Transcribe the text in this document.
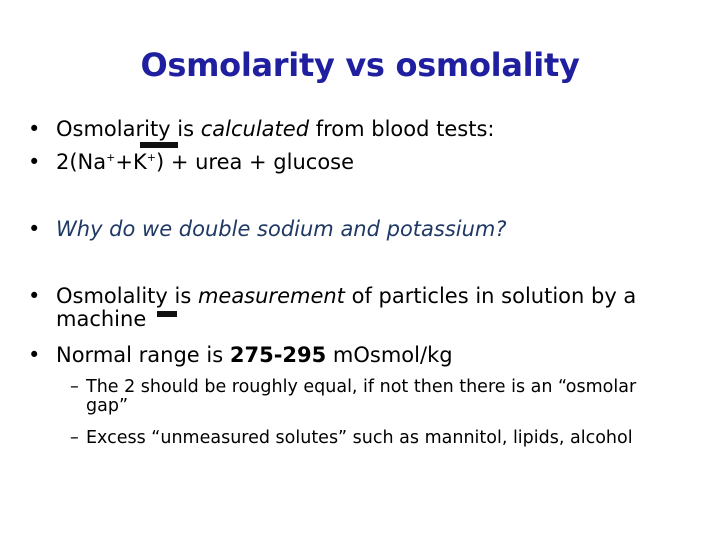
Osmolarity vs osmolality
• Osmolarity is calculated from blood tests:
• 2(Na++K+) + urea + glucose
• Why do we double sodium and potassium?
• Osmolality is measurement of particles in solution by a
machine
• Normal range is 275-295 mOsmol/kg
– The 2 should be roughly equal, if not then there is an “osmolar
gap”
– Excess “unmeasured solutes” such as mannitol, lipids, alcohol
